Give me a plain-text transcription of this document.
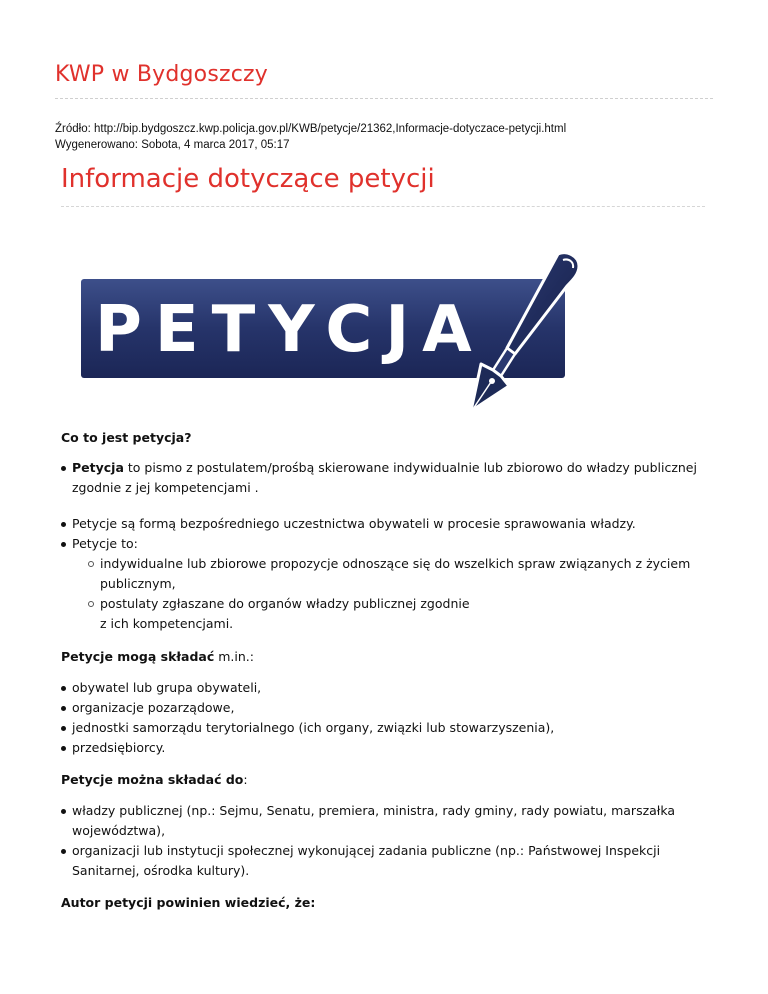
KWP w Bydgoszczy
Źródło: http://bip.bydgoszcz.kwp.policja.gov.pl/KWB/petycje/21362,Informacje-dotyczace-petycji.html
Wygenerowano: Sobota, 4 marca 2017, 05:17
Informacje dotyczące petycji
PETYCJA

Co to jest petycja?

Petycja to pismo z postulatem/prośbą skierowane indywidualnie lub zbiorowo do władzy publicznej
zgodnie z jej kompetencjami .
Petycje są formą bezpośredniego uczestnictwa obywateli w procesie sprawowania władzy.
Petycje to:
indywidualne lub zbiorowe propozycje odnoszące się do wszelkich spraw związanych z życiem
publicznym,
postulaty zgłaszane do organów władzy publicznej zgodnie
z ich kompetencjami.

Petycje mogą składać m.in.:

obywatel lub grupa obywateli,
organizacje pozarządowe,
jednostki samorządu terytorialnego (ich organy, związki lub stowarzyszenia),
przedsiębiorcy.

Petycje można składać do:

władzy publicznej (np.: Sejmu, Senatu, premiera, ministra, rady gminy, rady powiatu, marszałka
województwa),
organizacji lub instytucji społecznej wykonującej zadania publiczne (np.: Państwowej Inspekcji
Sanitarnej, ośrodka kultury).

Autor petycji powinien wiedzieć, że:
